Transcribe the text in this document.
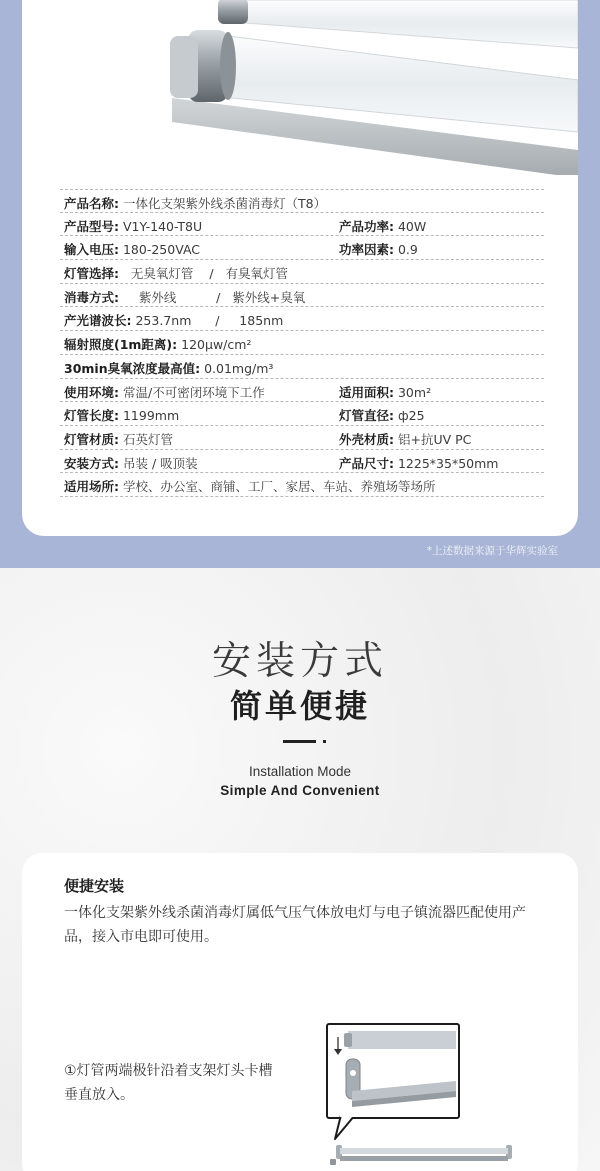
产品名称: 一体化支架紫外线杀菌消毒灯（T8）
产品型号: V1Y-140-T8U	产品功率: 40W
输入电压: 180-250VAC	功率因素: 0.9
灯管选择:   无臭氧灯管    /   有臭氧灯管
消毒方式:     紫外线          /   紫外线+臭氧
产光谱波长: 253.7nm      /     185nm
辐射照度(1m距离): 120μw/cm²
30min臭氧浓度最高值: 0.01mg/m³
使用环境: 常温/不可密闭环境下工作	适用面积: 30m²
灯管长度: 1199mm	灯管直径: ф25
灯管材质: 石英灯管	外壳材质: 铝+抗UV PC
安装方式: 吊装 / 吸顶装	产品尺寸: 1225*35*50mm
适用场所: 学校、办公室、商铺、工厂、家居、车站、养殖场等场所
*上述数据来源于华辉实验室
安装方式
简单便捷
Installation Mode
Simple And Convenient
便捷安装
一体化支架紫外线杀菌消毒灯属低气压气体放电灯与电子镇流器匹配使用产品，接入市电即可使用。
①灯管两端极针沿着支架灯头卡槽垂直放入。
